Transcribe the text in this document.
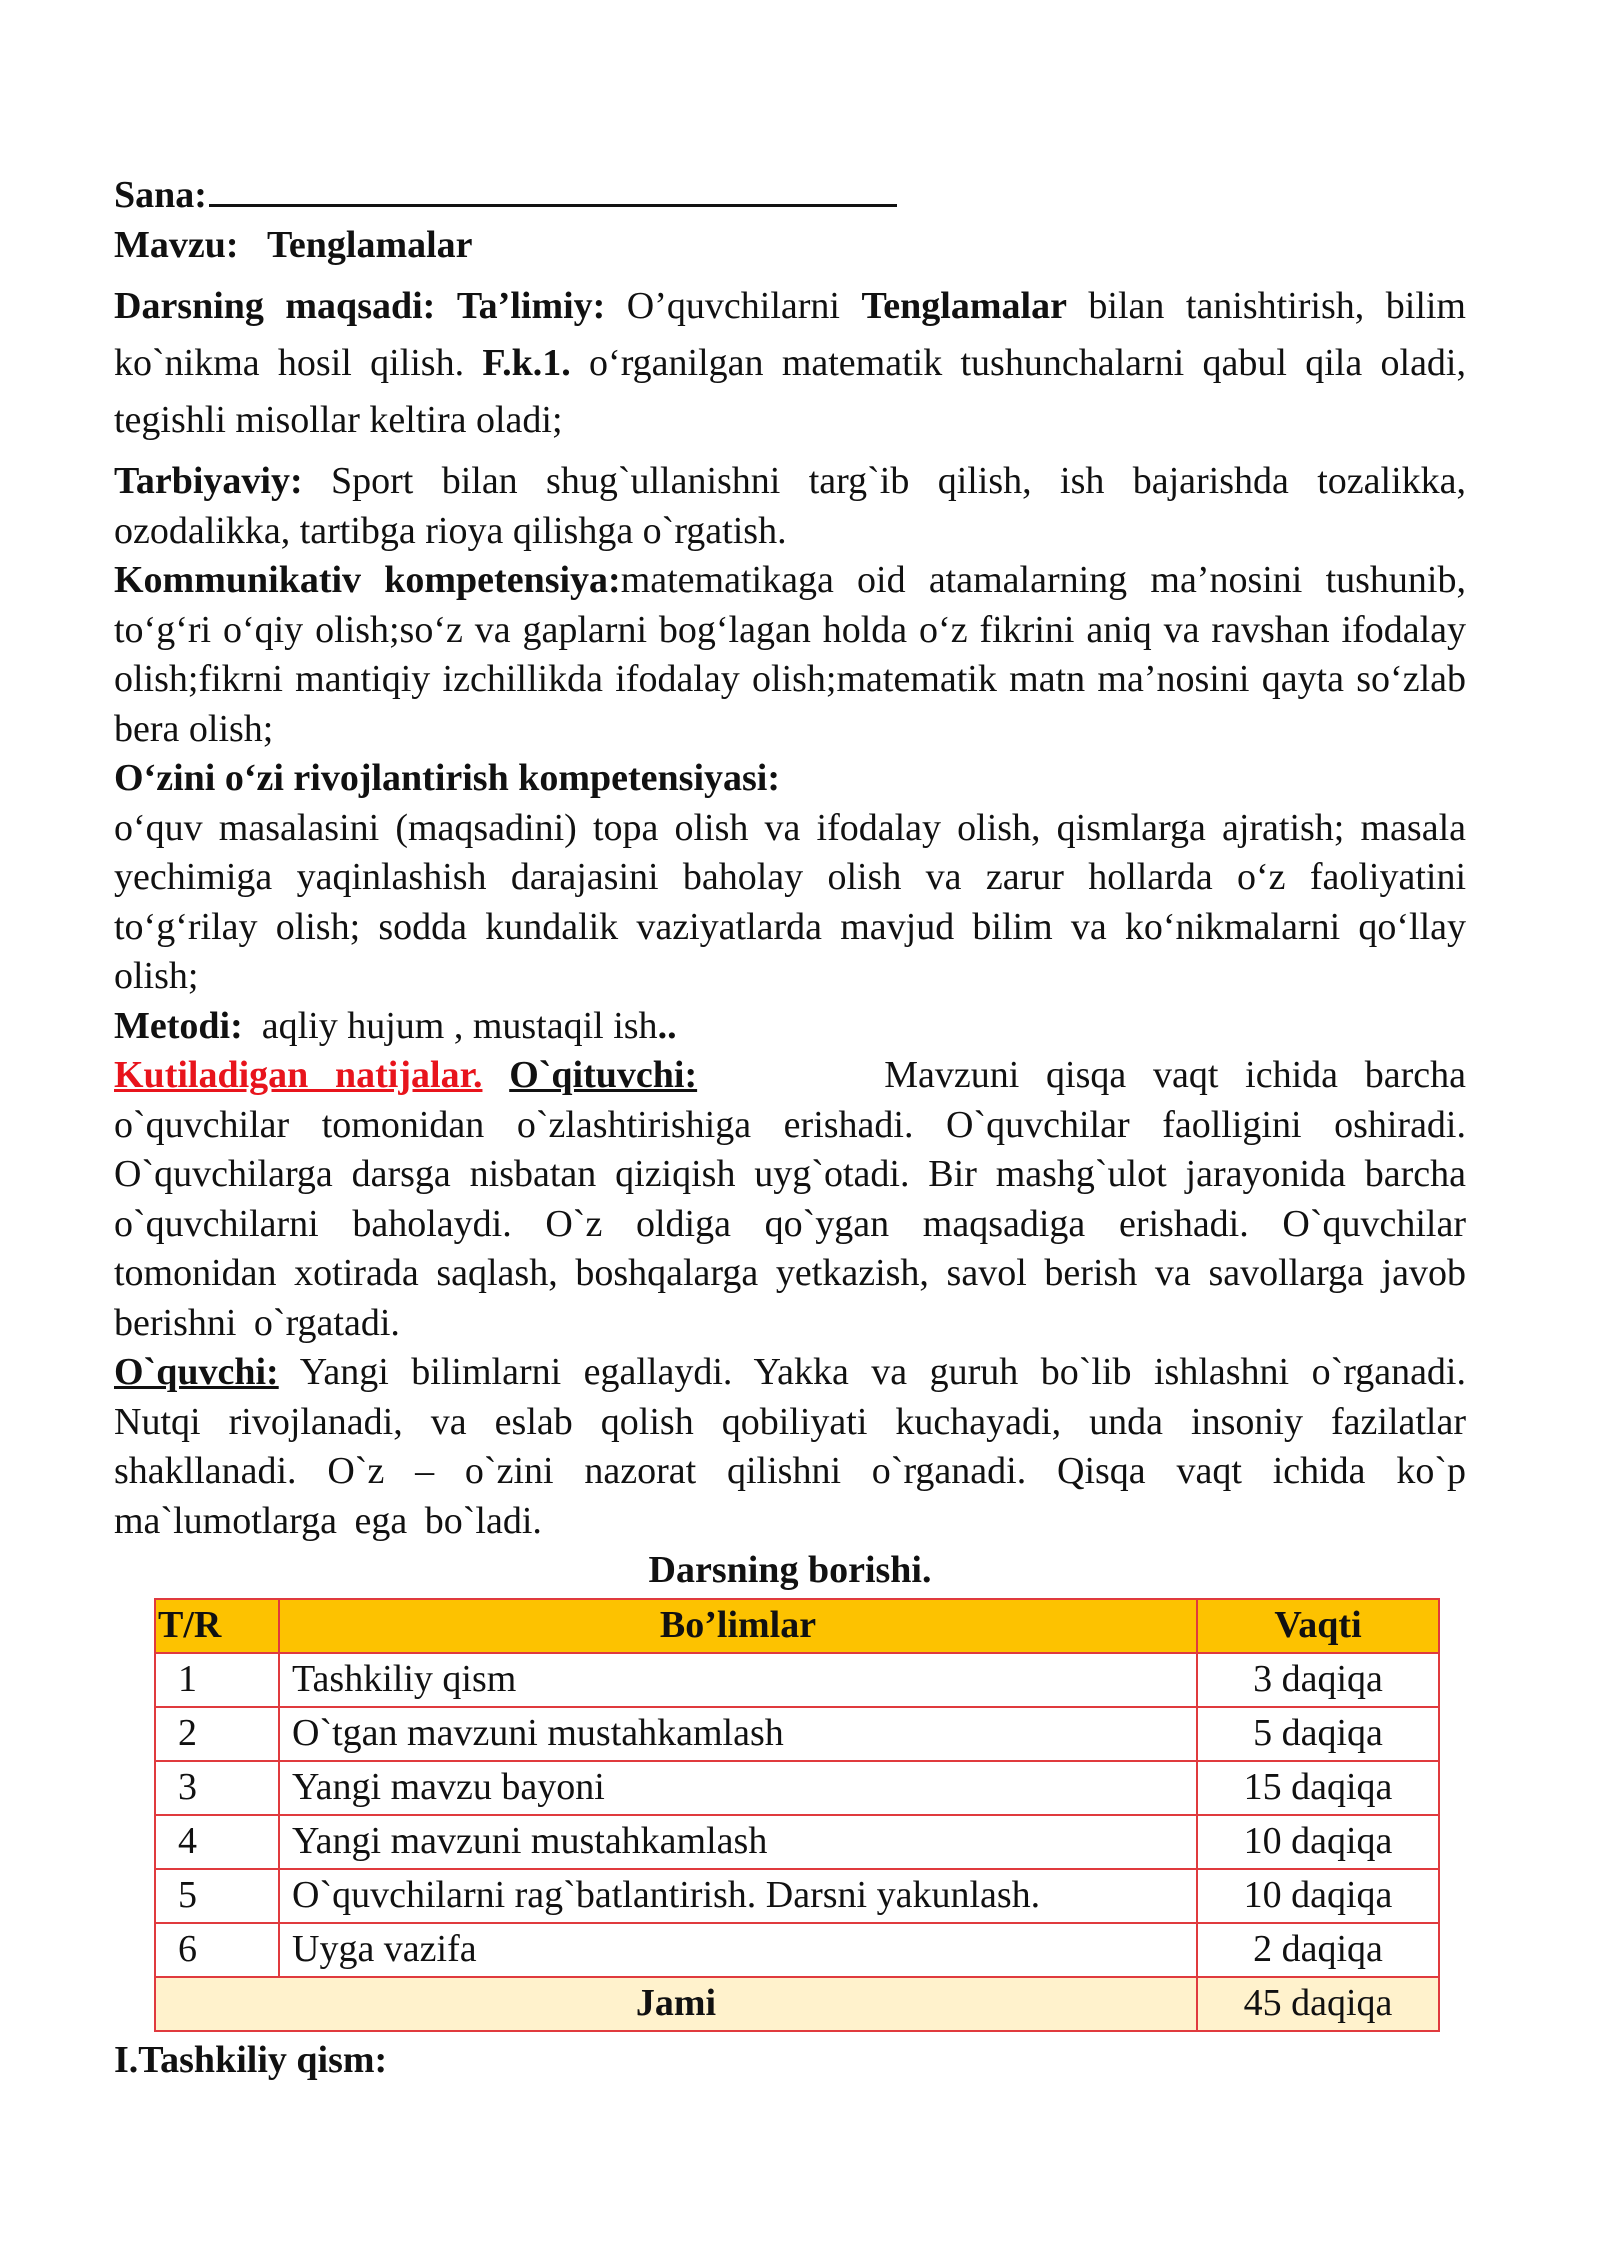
Sana:

Mavzu: Tenglamalar

Darsning maqsadi: Ta’limiy: O’quvchilarni Tenglamalar bilan tanishtirish, bilim ko`nikma hosil qilish. F.k.1. o‘rganilgan matematik tushunchalarni qabul qila oladi, tegishli misollar keltira oladi;

Tarbiyaviy: Sport bilan shug`ullanishni targ`ib qilish, ish bajarishda tozalikka, ozodalikka, tartibga rioya qilishga o`rgatish.

Kommunikativ kompetensiya:matematikaga oid atamalarning ma’nosini tushunib, to‘g‘ri o‘qiy olish;so‘z va gaplarni bog‘lagan holda o‘z fikrini aniq va ravshan ifodalay olish;fikrni mantiqiy izchillikda ifodalay olish;matematik matn ma’nosini qayta so‘zlab bera olish;

O‘zini o‘zi rivojlantirish kompetensiyasi:

o‘quv masalasini (maqsadini) topa olish va ifodalay olish, qismlarga ajratish; masala yechimiga yaqinlashish darajasini baholay olish va zarur hollarda o‘z faoliyatini to‘g‘rilay olish; sodda kundalik vaziyatlarda mavjud bilim va ko‘nikmalarni qo‘llay olish;

Metodi: aqliy hujum , mustaqil ish..

Kutiladigan natijalar. O`qituvchi:	Mavzuni qisqa vaqt ichida barcha o`quvchilar tomonidan o`zlashtirishiga erishadi. O`quvchilar faolligini oshiradi. O`quvchilarga darsga nisbatan qiziqish uyg`otadi. Bir mashg`ulot jarayonida barcha o`quvchilarni baholaydi. O`z oldiga qo`ygan maqsadiga erishadi. O`quvchilar tomonidan xotirada saqlash, boshqalarga yetkazish, savol berish va savollarga javob berishni o`rgatadi.

O`quvchi: Yangi bilimlarni egallaydi. Yakka va guruh bo`lib ishlashni o`rganadi. Nutqi rivojlanadi, va eslab qolish qobiliyati kuchayadi, unda insoniy fazilatlar shakllanadi. O`z – o`zini nazorat qilishni o`rganadi. Qisqa vaqt ichida ko`p ma`lumotlarga ega bo`ladi.

Darsning borishi.

T/R	Bo’limlar	Vaqti
1	Tashkiliy qism	3 daqiqa
2	O`tgan mavzuni mustahkamlash	5 daqiqa
3	Yangi mavzu bayoni	15 daqiqa
4	Yangi mavzuni mustahkamlash	10 daqiqa
5	O`quvchilarni rag`batlantirish. Darsni yakunlash.	10 daqiqa
6	Uyga vazifa	2 daqiqa
Jami		45 daqiqa

I.Tashkiliy qism:
